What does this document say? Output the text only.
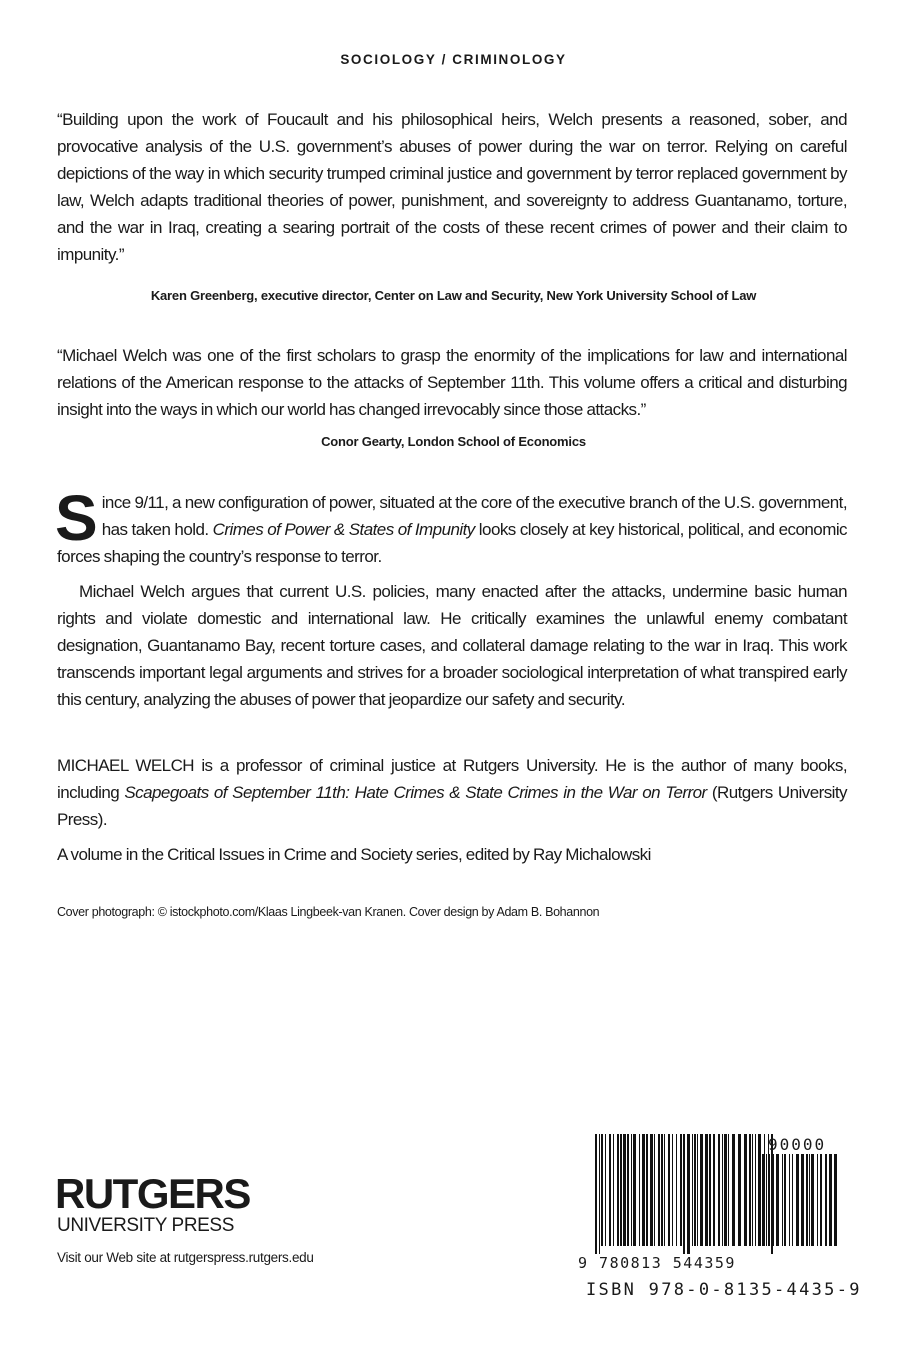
SOCIOLOGY / CRIMINOLOGY
“Building upon the work of Foucault and his philosophical heirs, Welch presents a reasoned, sober, and provocative analysis of the U.S. government’s abuses of power during the war on terror. Relying on careful depictions of the way in which security trumped criminal justice and government by terror replaced government by law, Welch adapts traditional theories of power, punishment, and sovereignty to address Guantanamo, torture, and the war in Iraq, creating a searing portrait of the costs of these recent crimes of power and their claim to impunity.”
Karen Greenberg, executive director, Center on Law and Security, New York University School of Law
“Michael Welch was one of the first scholars to grasp the enormity of the implications for law and international relations of the American response to the attacks of September 11th. This volume offers a critical and disturbing insight into the ways in which our world has changed irrevocably since those attacks.”
Conor Gearty, London School of Economics
Since 9/11, a new configuration of power, situated at the core of the executive branch of the U.S. government, has taken hold. Crimes of Power & States of Impunity looks closely at key historical, political, and economic forces shaping the country’s response to terror.
Michael Welch argues that current U.S. policies, many enacted after the attacks, undermine basic human rights and violate domestic and international law. He critically examines the unlawful enemy combatant designation, Guantanamo Bay, recent torture cases, and collateral damage relating to the war in Iraq. This work transcends important legal arguments and strives for a broader sociological interpretation of what transpired early this century, analyzing the abuses of power that jeopardize our safety and security.
MICHAEL WELCH is a professor of criminal justice at Rutgers University. He is the author of many books, including Scapegoats of September 11th: Hate Crimes & State Crimes in the War on Terror (Rutgers University Press).
A volume in the Critical Issues in Crime and Society series, edited by Ray Michalowski
Cover photograph: © istockphoto.com/Klaas Lingbeek-van Kranen. Cover design by Adam B. Bohannon
RUTGERS
UNIVERSITY PRESS
Visit our Web site at rutgerspress.rutgers.edu
90000
9 780813 544359
ISBN 978-0-8135-4435-9
